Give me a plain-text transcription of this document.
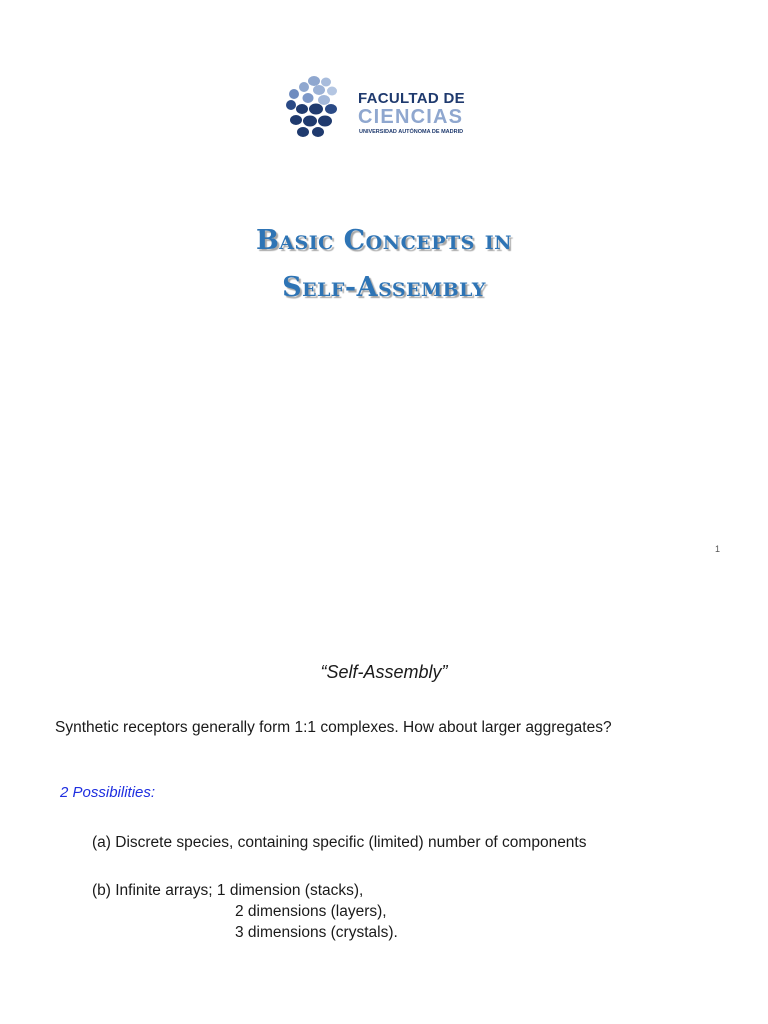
FACULTAD DE
CIENCIAS
UNIVERSIDAD AUTÓNOMA DE MADRID
Basic Concepts in
Self-Assembly
1
“Self-Assembly”
Synthetic receptors generally form 1:1 complexes. How about larger aggregates?
2 Possibilities:
(a) Discrete species, containing specific (limited) number of components
(b) Infinite arrays; 1 dimension (stacks),
2 dimensions (layers),
3 dimensions (crystals).
